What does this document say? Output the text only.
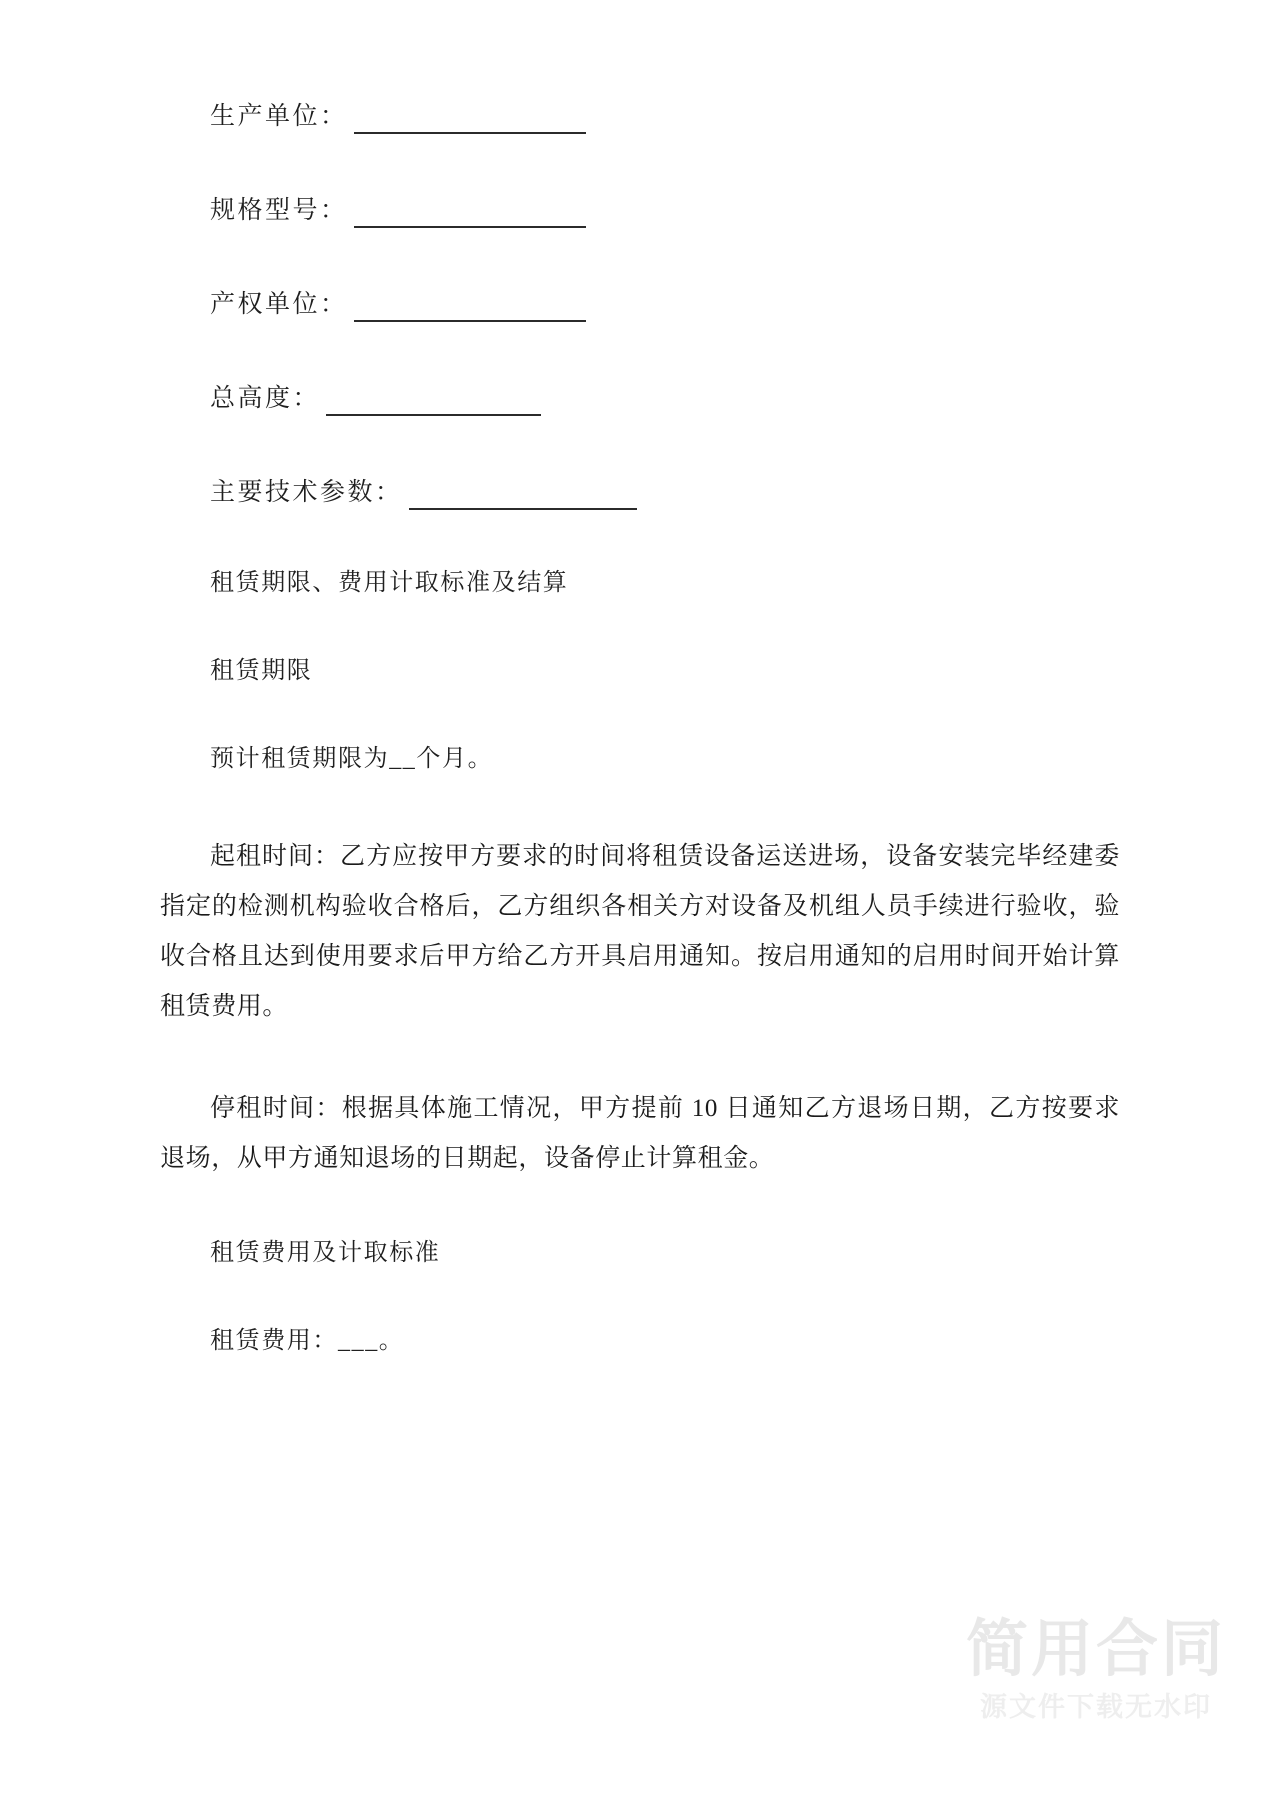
生产单位：
规格型号：
产权单位：
总高度：
主要技术参数：
租赁期限、费用计取标准及结算
租赁期限
预计租赁期限为__个月。

起租时间：乙方应按甲方要求的时间将租赁设备运送进场，设备安装完毕经建委指定的检测机构验收合格后，乙方组织各相关方对设备及机组人员手续进行验收，验收合格且达到使用要求后甲方给乙方开具启用通知。按启用通知的启用时间开始计算租赁费用。

停租时间：根据具体施工情况，甲方提前 10 日通知乙方退场日期，乙方按要求退场，从甲方通知退场的日期起，设备停止计算租金。

租赁费用及计取标准
租赁费用：___。
简用合同
源文件下载无水印
